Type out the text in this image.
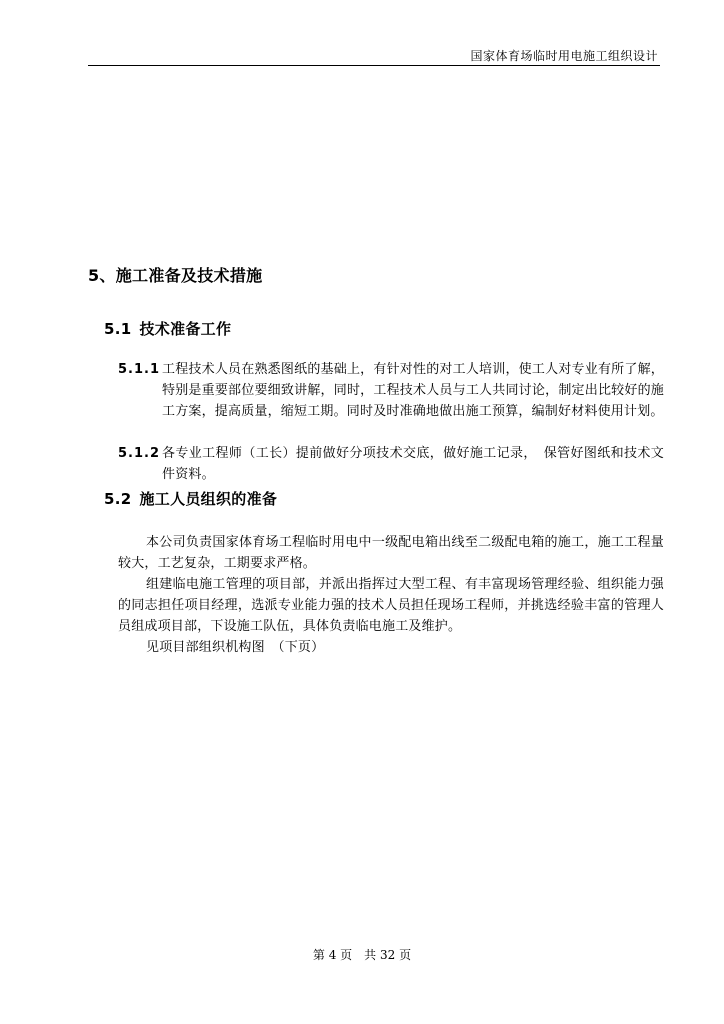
国家体育场临时用电施工组织设计
5、施工准备及技术措施
5.1 技术准备工作
5.1.1 工程技术人员在熟悉图纸的基础上，有针对性的对工人培训，使工人对专业有所了解，特别是重要部位要细致讲解，同时，工程技术人员与工人共同讨论，制定出比较好的施工方案，提高质量，缩短工期。同时及时准确地做出施工预算，编制好材料使用计划。
5.1.2 各专业工程师（工长）提前做好分项技术交底，做好施工记录，　保管好图纸和技术文件资料。
5.2 施工人员组织的准备
本公司负责国家体育场工程临时用电中一级配电箱出线至二级配电箱的施工，施工工程量较大，工艺复杂，工期要求严格。
组建临电施工管理的项目部，并派出指挥过大型工程、有丰富现场管理经验、组织能力强的同志担任项目经理，选派专业能力强的技术人员担任现场工程师，并挑选经验丰富的管理人员组成项目部，下设施工队伍，具体负责临电施工及维护。
见项目部组织机构图　（下页）
第 4 页　共 32 页
